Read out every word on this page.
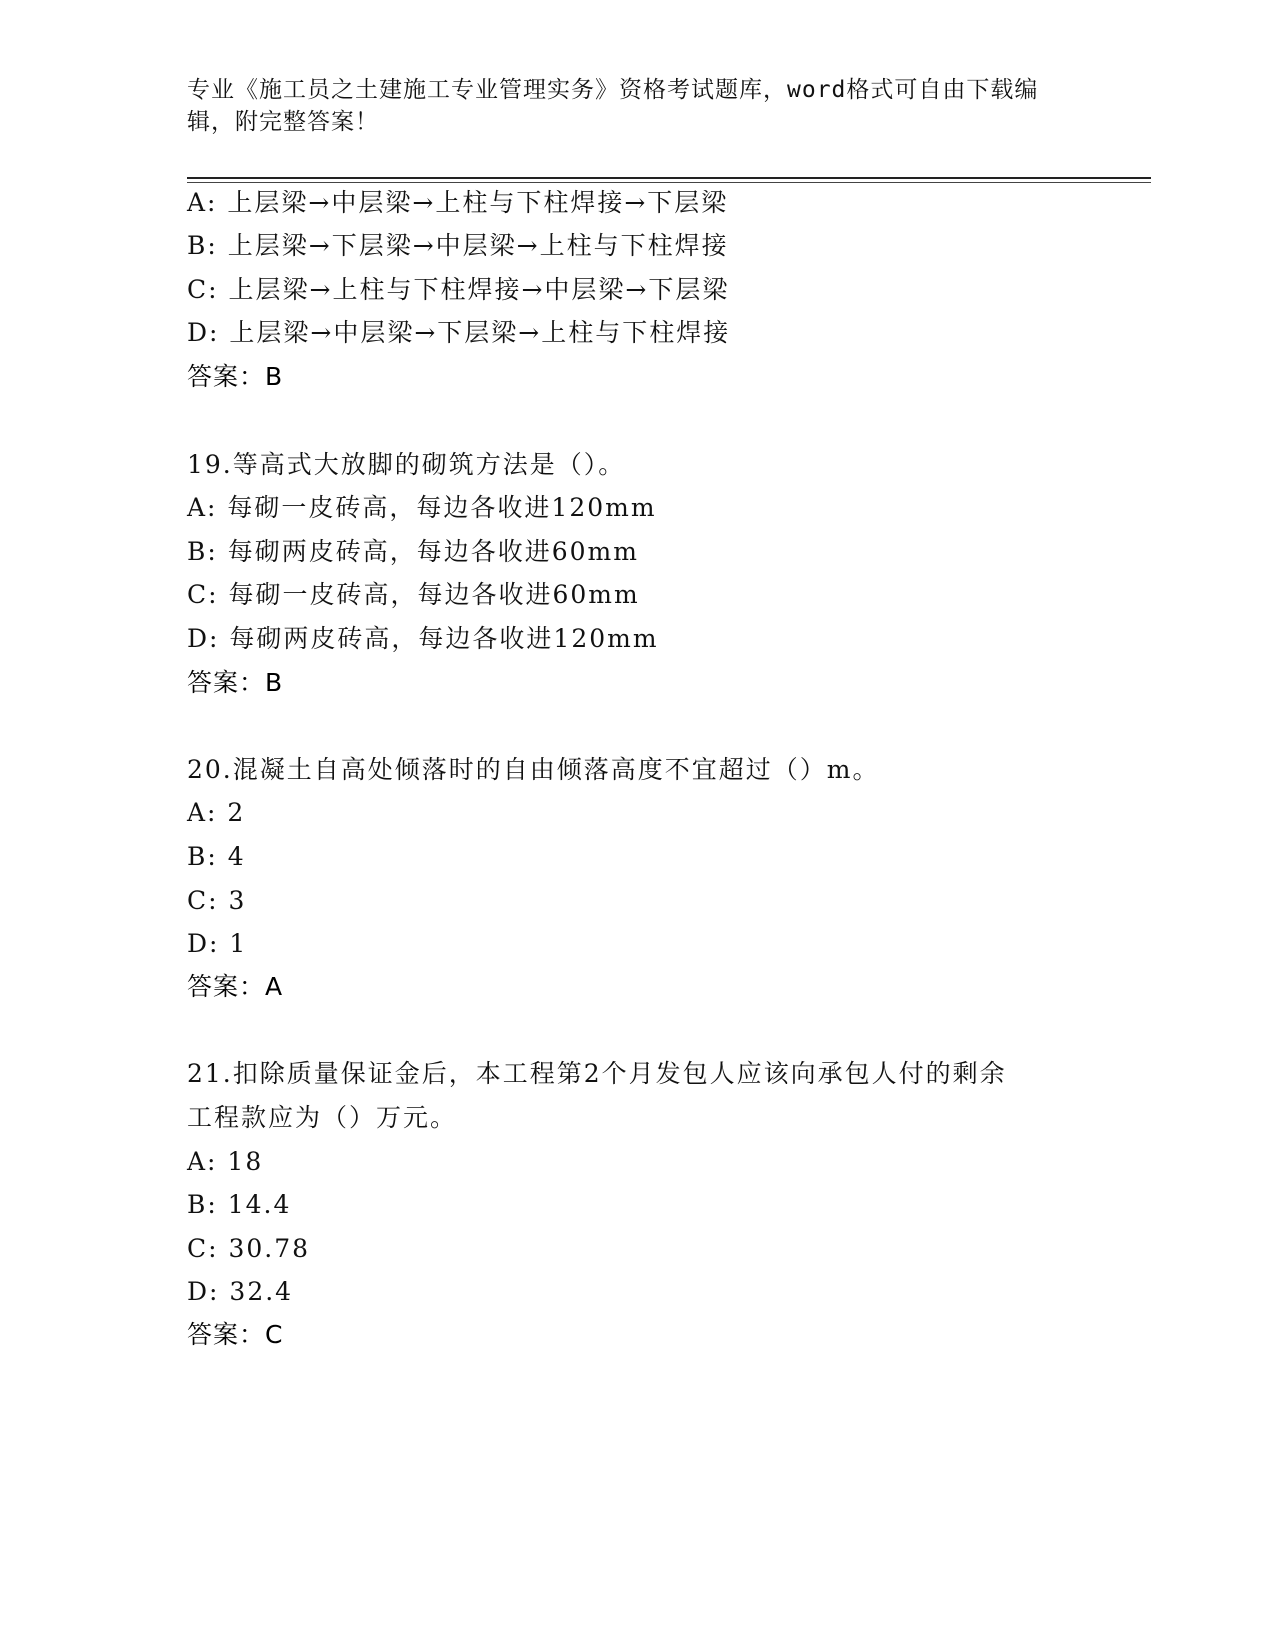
专业《施工员之土建施工专业管理实务》资格考试题库，word格式可自由下载编辑，附完整答案！
A: 上层梁→中层梁→上柱与下柱焊接→下层梁
B: 上层梁→下层梁→中层梁→上柱与下柱焊接
C: 上层梁→上柱与下柱焊接→中层梁→下层梁
D: 上层梁→中层梁→下层梁→上柱与下柱焊接
答案：B
19.等高式大放脚的砌筑方法是（）。
A: 每砌一皮砖高，每边各收进120mm
B: 每砌两皮砖高，每边各收进60mm
C: 每砌一皮砖高，每边各收进60mm
D: 每砌两皮砖高，每边各收进120mm
答案：B
20.混凝土自高处倾落时的自由倾落高度不宜超过（）m。
A: 2
B: 4
C: 3
D: 1
答案：A
21.扣除质量保证金后，本工程第2个月发包人应该向承包人付的剩余
工程款应为（）万元。
A: 18
B: 14.4
C: 30.78
D: 32.4
答案：C
